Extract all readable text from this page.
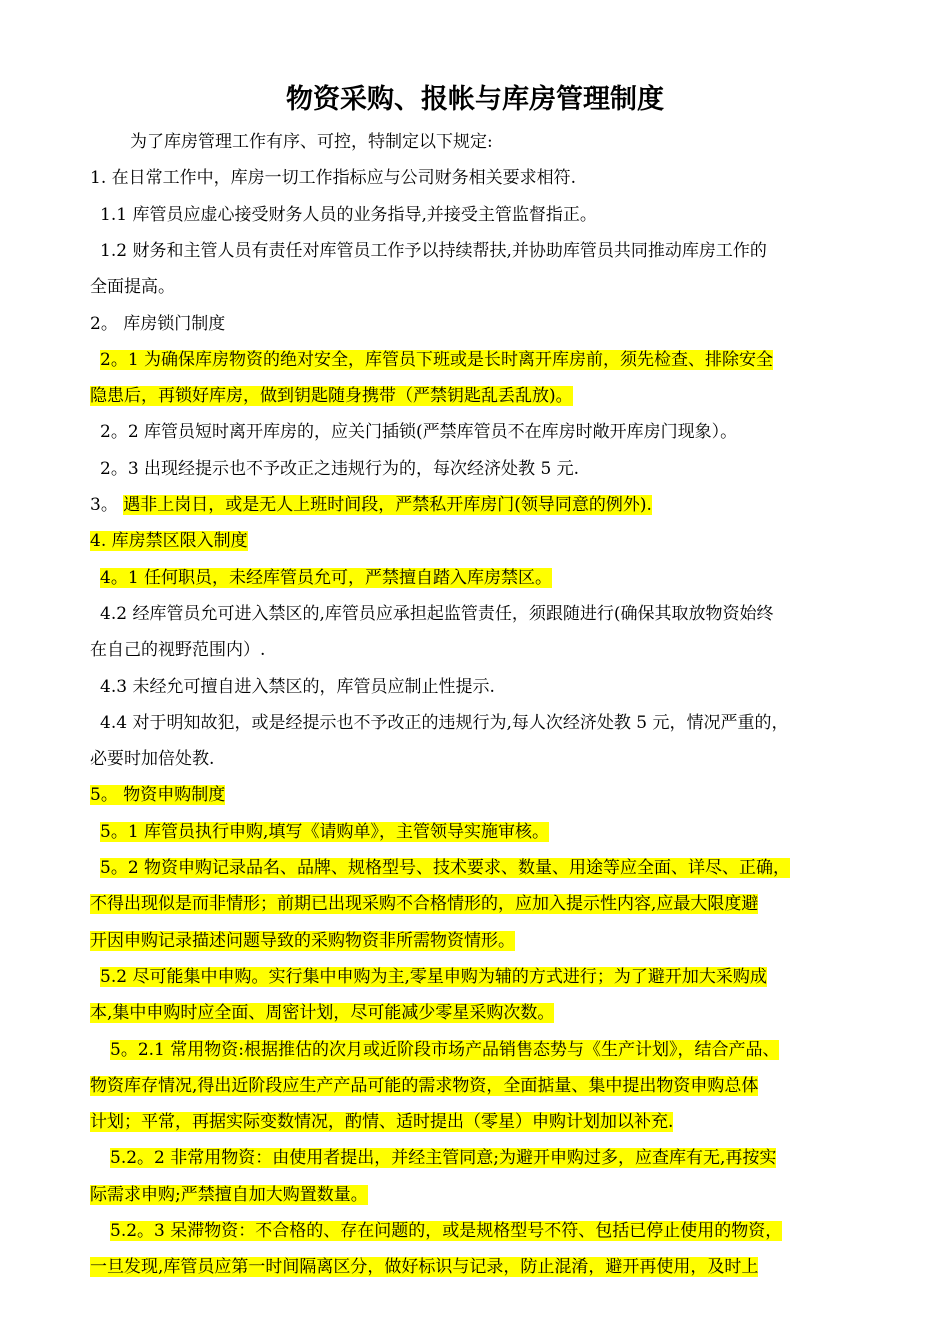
物资采购、报帐与库房管理制度
为了库房管理工作有序、可控，特制定以下规定:
1. 在日常工作中，库房一切工作指标应与公司财务相关要求相符.
1.1 库管员应虚心接受财务人员的业务指导,并接受主管监督指正。
1.2 财务和主管人员有责任对库管员工作予以持续帮扶,并协助库管员共同推动库房工作的
全面提高。
2。 库房锁门制度
2。1 为确保库房物资的绝对安全，库管员下班或是长时离开库房前，须先检查、排除安全
隐患后，再锁好库房，做到钥匙随身携带（严禁钥匙乱丢乱放)。
2。2 库管员短时离开库房的，应关门插锁(严禁库管员不在库房时敞开库房门现象）。
2。3 出现经提示也不予改正之违规行为的，每次经济处教 5 元.
3。 遇非上岗日，或是无人上班时间段，严禁私开库房门(领导同意的例外).
4. 库房禁区限入制度
4。1 任何职员，未经库管员允可，严禁擅自踏入库房禁区。
4.2 经库管员允可进入禁区的,库管员应承担起监管责任，须跟随进行(确保其取放物资始终
在自己的视野范围内）.
4.3 未经允可擅自进入禁区的，库管员应制止性提示.
4.4 对于明知故犯，或是经提示也不予改正的违规行为,每人次经济处教 5 元，情况严重的，
必要时加倍处教.
5。 物资申购制度
5。1 库管员执行申购,填写《请购单》，主管领导实施审核。
5。2 物资申购记录品名、品牌、规格型号、技术要求、数量、用途等应全面、详尽、正确，
不得出现似是而非情形；前期已出现采购不合格情形的，应加入提示性内容,应最大限度避
开因申购记录描述问题导致的采购物资非所需物资情形。
5.2 尽可能集中申购。实行集中申购为主,零星申购为辅的方式进行；为了避开加大采购成
本,集中申购时应全面、周密计划，尽可能减少零星采购次数。
5。2.1 常用物资:根据推估的次月或近阶段市场产品销售态势与《生产计划》，结合产品、
物资库存情况,得出近阶段应生产产品可能的需求物资，全面掂量、集中提出物资申购总体
计划；平常，再据实际变数情况，酌情、适时提出（零星）申购计划加以补充.
5.2。2 非常用物资：由使用者提出，并经主管同意;为避开申购过多，应查库有无,再按实
际需求申购;严禁擅自加大购置数量。
5.2。3 呆滞物资：不合格的、存在问题的，或是规格型号不符、包括已停止使用的物资，
一旦发现,库管员应第一时间隔离区分，做好标识与记录，防止混淆，避开再使用，及时上
